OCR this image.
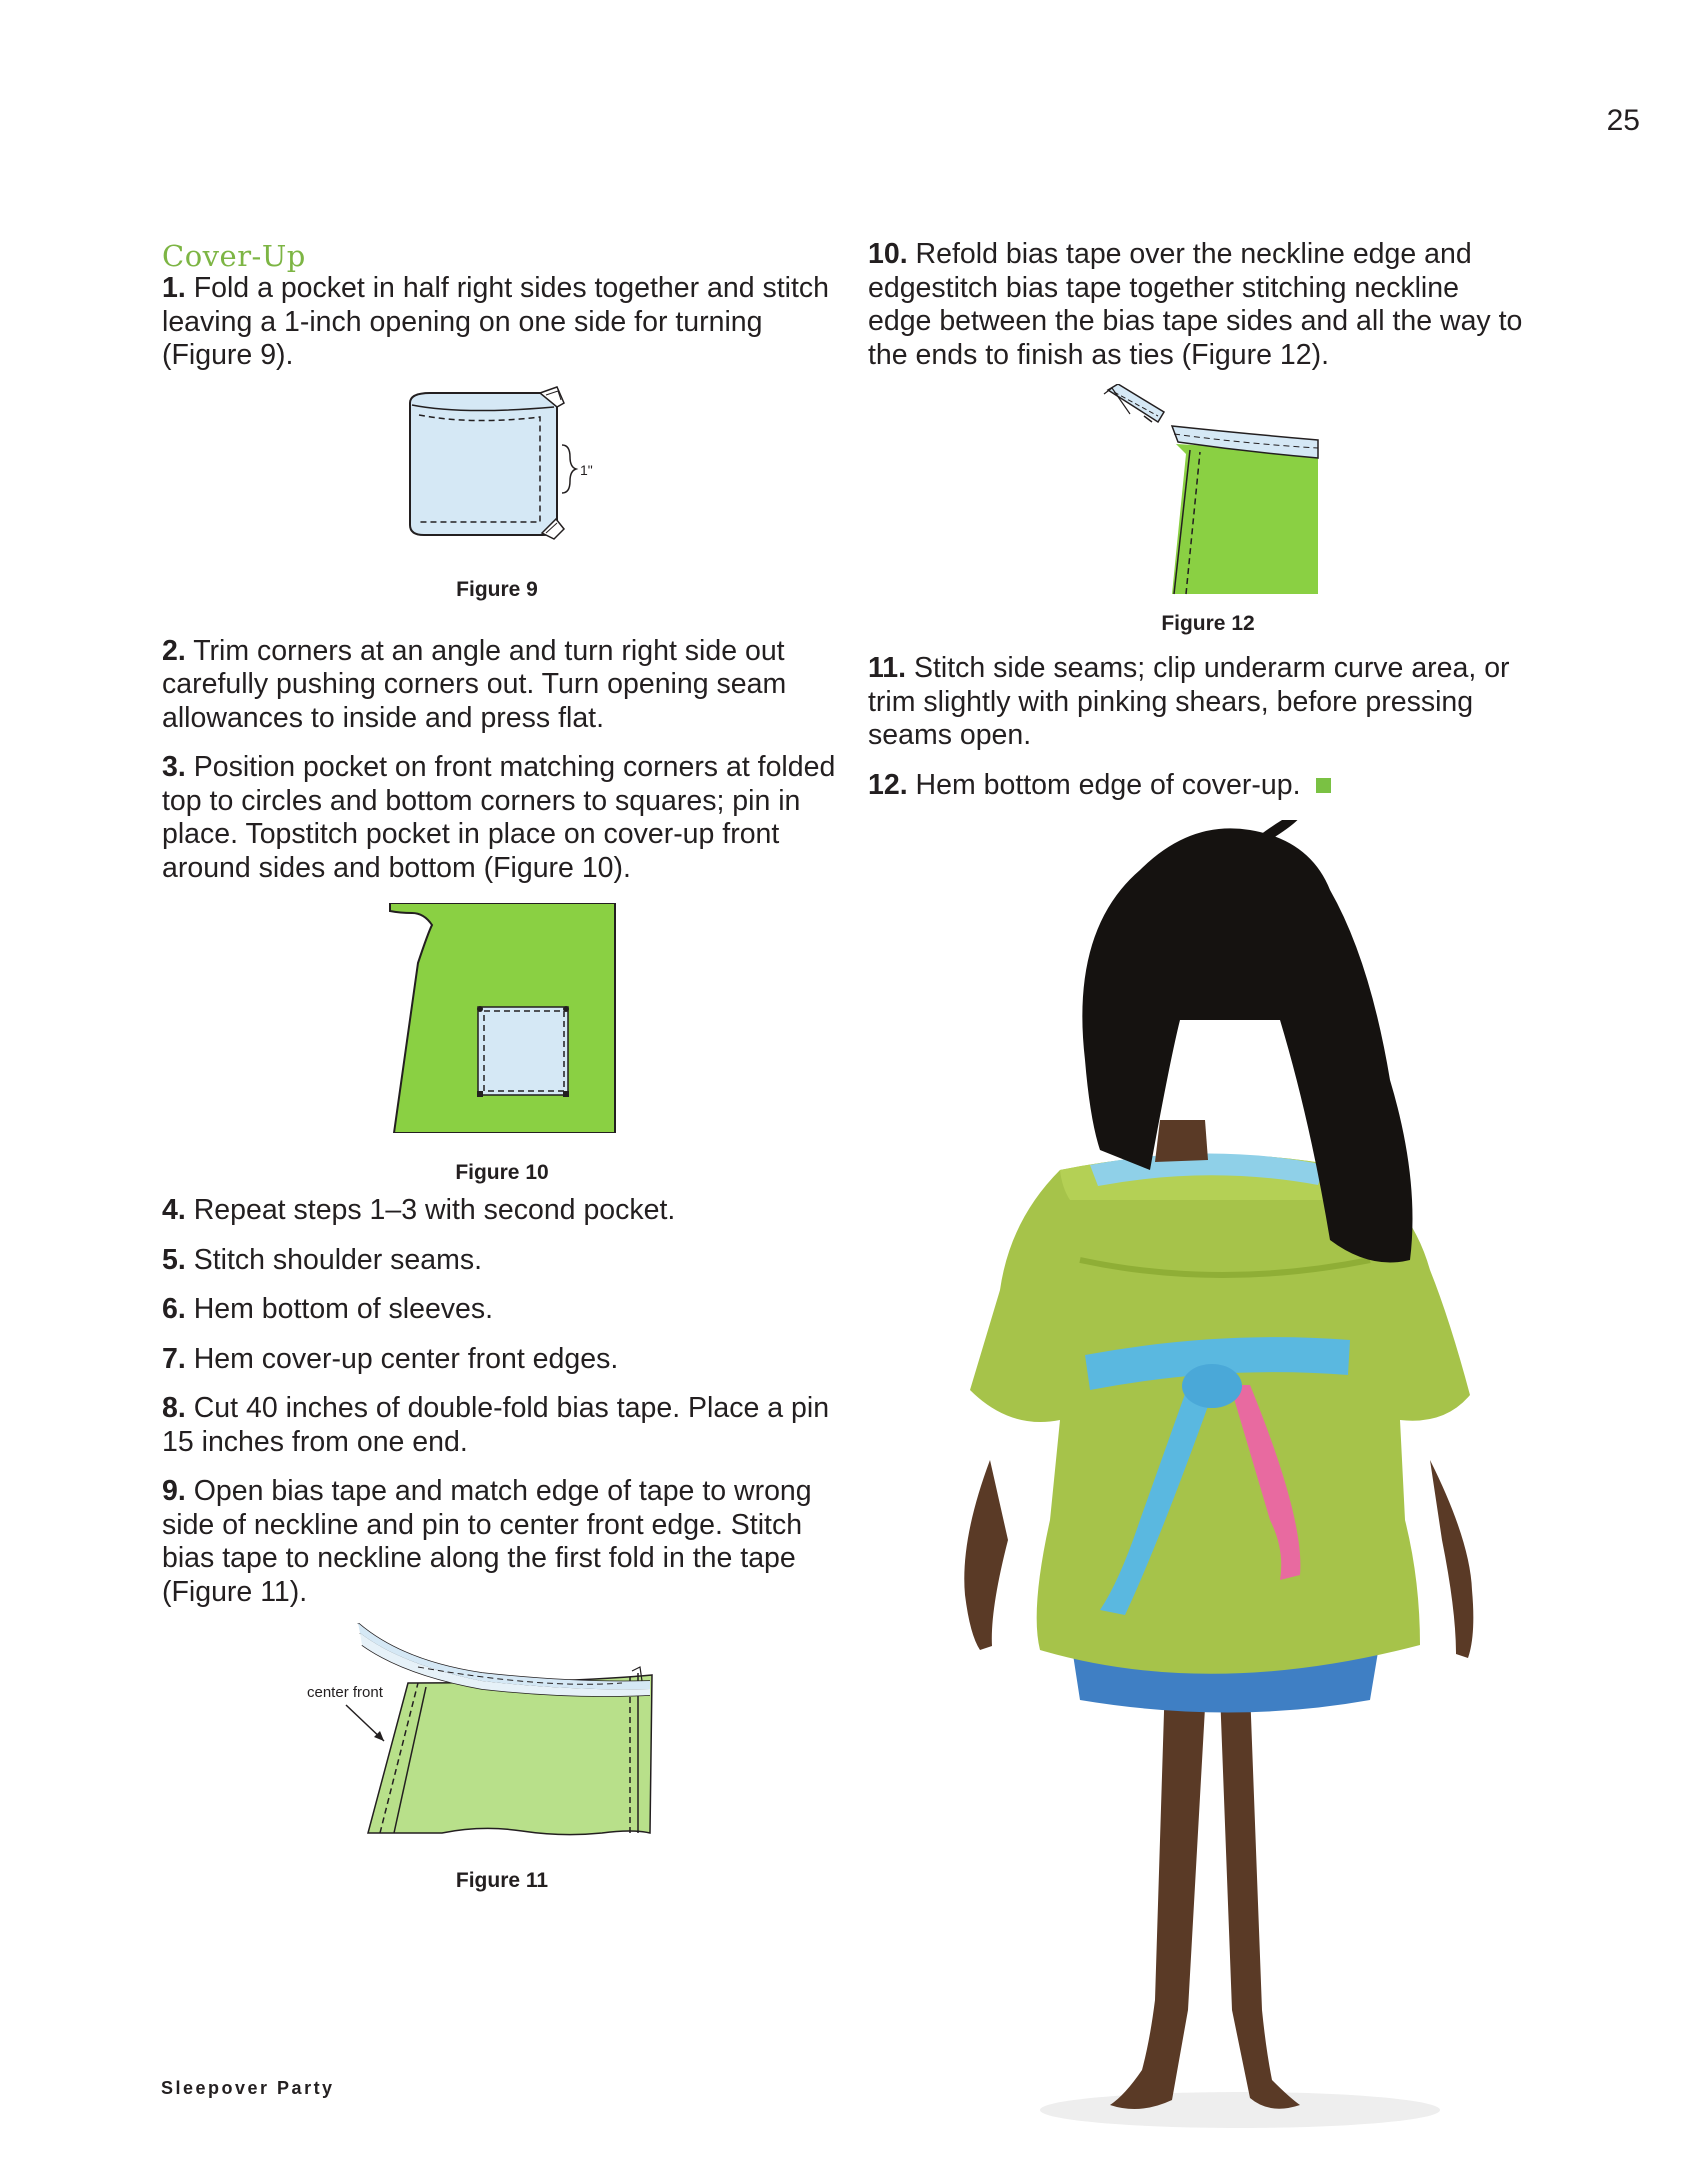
25
Cover-Up

1. Fold a pocket in half right sides together and stitch leaving a 1-inch opening on one side for turning (Figure 9).

1"
Figure 9

2. Trim corners at an angle and turn right side out carefully pushing corners out. Turn opening seam allowances to inside and press flat.

3. Position pocket on front matching corners at folded top to circles and bottom corners to squares; pin in place. Topstitch pocket in place on cover-up front around sides and bottom (Figure 10).

Figure 10

4. Repeat steps 1–3 with second pocket.

5. Stitch shoulder seams.

6. Hem bottom of sleeves.

7. Hem cover-up center front edges.

8. Cut 40 inches of double-fold bias tape. Place a pin 15 inches from one end.

9. Open bias tape and match edge of tape to wrong side of neckline and pin to center front edge. Stitch bias tape to neckline along the first fold in the tape (Figure 11).

center front
Figure 11

10. Refold bias tape over the neckline edge and edgestitch bias tape together stitching neckline edge between the bias tape sides and all the way to the ends to finish as ties (Figure 12).

Figure 12

11. Stitch side seams; clip underarm curve area, or trim slightly with pinking shears, before pressing seams open.

12. Hem bottom edge of cover-up.

Sleepover Party
